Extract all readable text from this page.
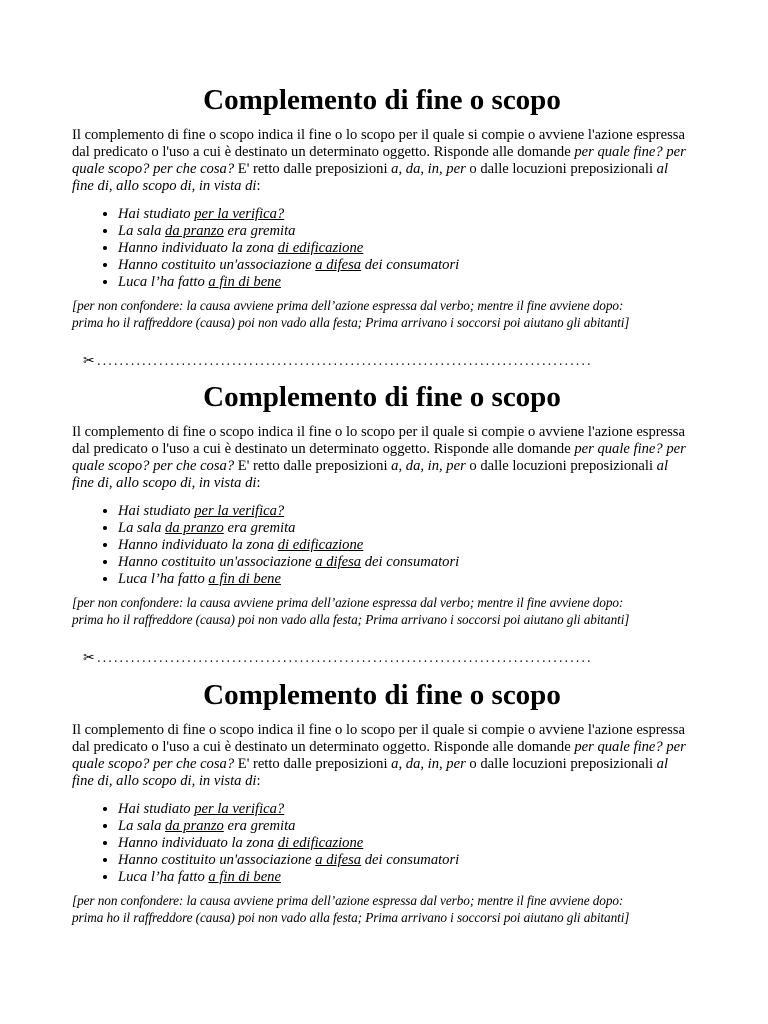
Complemento di fine o scopo

Il complemento di fine o scopo indica il fine o lo scopo per il quale si compie o avviene l'azione espressa dal predicato o l'uso a cui è destinato un determinato oggetto. Risponde alle domande per quale fine? per quale scopo? per che cosa? E' retto dalle preposizioni a, da, in, per o dalle locuzioni preposizionali al fine di, allo scopo di, in vista di:

• Hai studiato per la verifica?
• La sala da pranzo era gremita
• Hanno individuato la zona di edificazione
• Hanno costituito un'associazione a difesa dei consumatori
• Luca l’ha fatto a fin di bene

[per non confondere: la causa avviene prima dell’azione espressa dal verbo; mentre il fine avviene dopo:

prima ho il raffreddore (causa) poi non vado alla festa; Prima arrivano i soccorsi poi aiutano gli abitanti]

Complemento di fine o scopo

Il complemento di fine o scopo indica il fine o lo scopo per il quale si compie o avviene l'azione espressa dal predicato o l'uso a cui è destinato un determinato oggetto. Risponde alle domande per quale fine? per quale scopo? per che cosa? E' retto dalle preposizioni a, da, in, per o dalle locuzioni preposizionali al fine di, allo scopo di, in vista di:

• Hai studiato per la verifica?
• La sala da pranzo era gremita
• Hanno individuato la zona di edificazione
• Hanno costituito un'associazione a difesa dei consumatori
• Luca l’ha fatto a fin di bene

[per non confondere: la causa avviene prima dell’azione espressa dal verbo; mentre il fine avviene dopo:

prima ho il raffreddore (causa) poi non vado alla festa; Prima arrivano i soccorsi poi aiutano gli abitanti]

Complemento di fine o scopo

Il complemento di fine o scopo indica il fine o lo scopo per il quale si compie o avviene l'azione espressa dal predicato o l'uso a cui è destinato un determinato oggetto. Risponde alle domande per quale fine? per quale scopo? per che cosa? E' retto dalle preposizioni a, da, in, per o dalle locuzioni preposizionali al fine di, allo scopo di, in vista di:

• Hai studiato per la verifica?
• La sala da pranzo era gremita
• Hanno individuato la zona di edificazione
• Hanno costituito un'associazione a difesa dei consumatori
• Luca l’ha fatto a fin di bene

[per non confondere: la causa avviene prima dell’azione espressa dal verbo; mentre il fine avviene dopo:

prima ho il raffreddore (causa) poi non vado alla festa; Prima arrivano i soccorsi poi aiutano gli abitanti]

✂ ........................................................................................
✂ ........................................................................................
